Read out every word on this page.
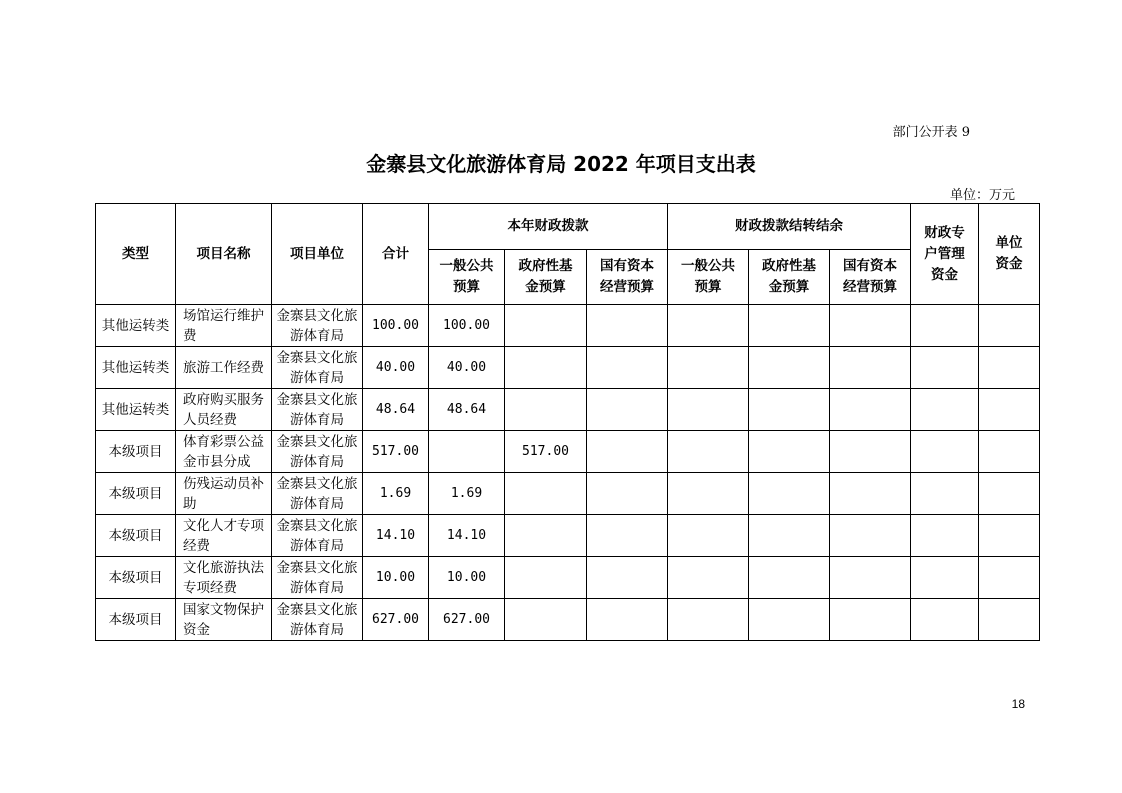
部门公开表 9
金寨县文化旅游体育局 2022 年项目支出表
单位：万元
类型	项目名称	项目单位	合计	本年财政拨款			财政拨款结转结余			财政专户管理资金	单位资金
				一般公共预算	政府性基金预算	国有资本经营预算	一般公共预算	政府性基金预算	国有资本经营预算		
其他运转类	场馆运行维护费	金寨县文化旅游体育局	100.00	100.00							
其他运转类	旅游工作经费	金寨县文化旅游体育局	40.00	40.00							
其他运转类	政府购买服务人员经费	金寨县文化旅游体育局	48.64	48.64							
本级项目	体育彩票公益金市县分成	金寨县文化旅游体育局	517.00		517.00						
本级项目	伤残运动员补助	金寨县文化旅游体育局	1.69	1.69							
本级项目	文化人才专项经费	金寨县文化旅游体育局	14.10	14.10							
本级项目	文化旅游执法专项经费	金寨县文化旅游体育局	10.00	10.00							
本级项目	国家文物保护资金	金寨县文化旅游体育局	627.00	627.00							
18
